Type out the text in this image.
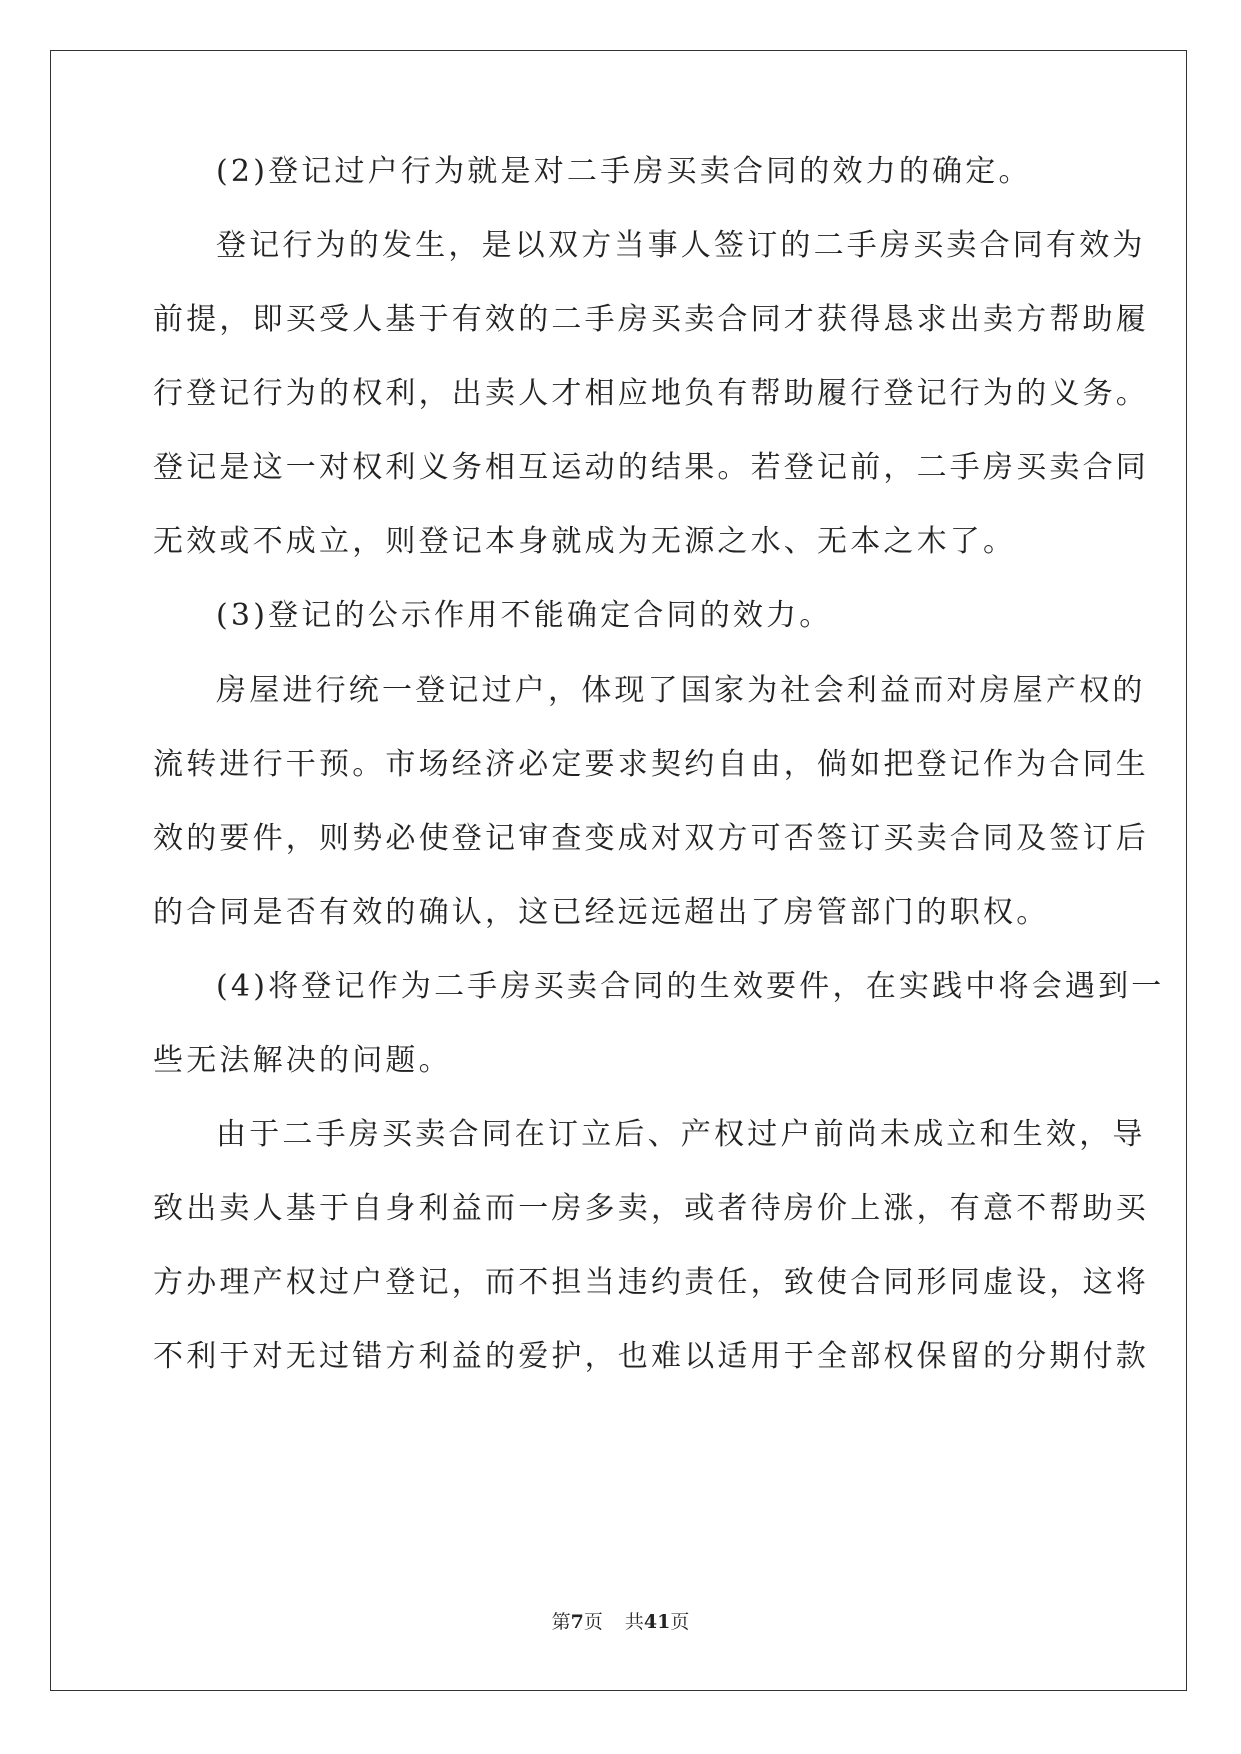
(2)登记过户行为就是对二手房买卖合同的效力的确定。
登记行为的发生，是以双方当事人签订的二手房买卖合同有效为
前提，即买受人基于有效的二手房买卖合同才获得恳求出卖方帮助履
行登记行为的权利，出卖人才相应地负有帮助履行登记行为的义务。
登记是这一对权利义务相互运动的结果。若登记前，二手房买卖合同
无效或不成立，则登记本身就成为无源之水、无本之木了。
(3)登记的公示作用不能确定合同的效力。
房屋进行统一登记过户，体现了国家为社会利益而对房屋产权的
流转进行干预。市场经济必定要求契约自由，倘如把登记作为合同生
效的要件，则势必使登记审查变成对双方可否签订买卖合同及签订后
的合同是否有效的确认，这已经远远超出了房管部门的职权。
(4)将登记作为二手房买卖合同的生效要件，在实践中将会遇到一
些无法解决的问题。
由于二手房买卖合同在订立后、产权过户前尚未成立和生效，导
致出卖人基于自身利益而一房多卖，或者待房价上涨，有意不帮助买
方办理产权过户登记，而不担当违约责任，致使合同形同虚设，这将
不利于对无过错方利益的爱护，也难以适用于全部权保留的分期付款
第7页 共41页
